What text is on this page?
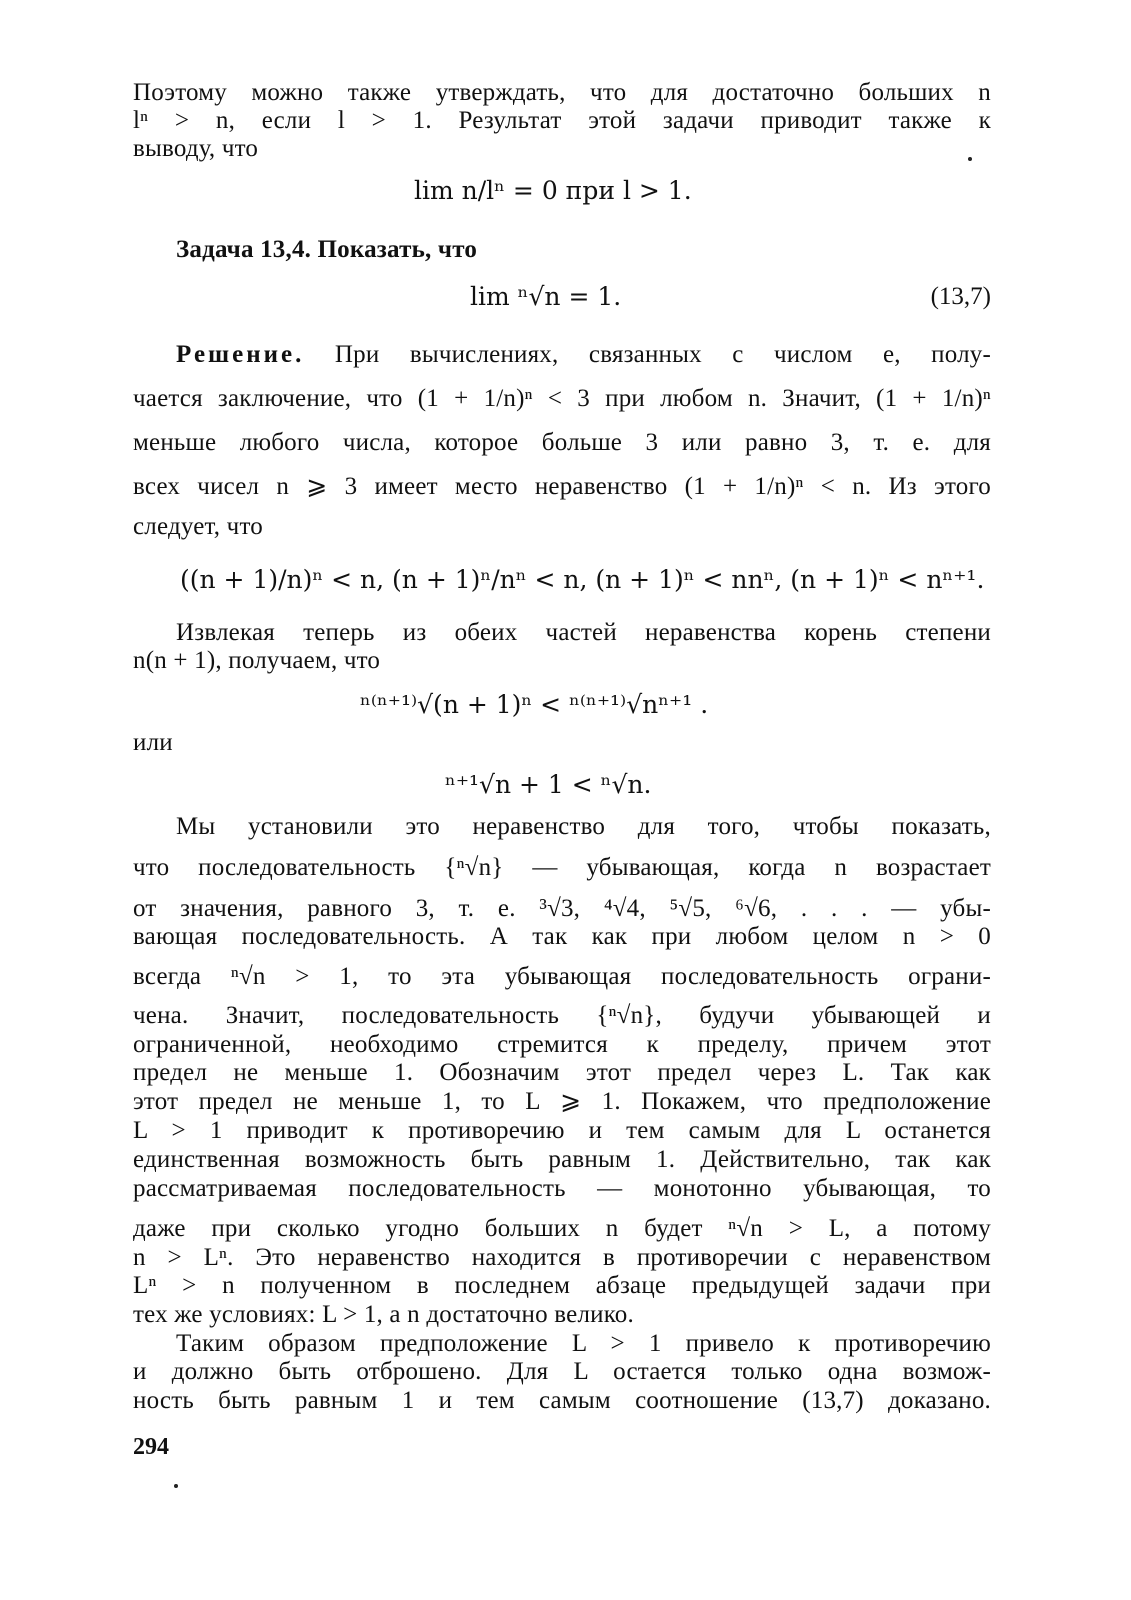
Поэтому можно также утверждать, что для достаточно больших n
lⁿ > n, если l > 1. Результат этой задачи приводит также к
выводу, что
lim n/lⁿ = 0 при l > 1.
Задача 13,4. Показать, что
lim ⁿ√n = 1.	(13,7)
Решение. При вычислениях, связанных с числом e, полу-
чается заключение, что (1 + 1/n)ⁿ < 3 при любом n. Значит, (1 + 1/n)ⁿ
меньше любого числа, которое больше 3 или равно 3, т. е. для
всех чисел n ⩾ 3 имеет место неравенство (1 + 1/n)ⁿ < n. Из этого
следует, что
((n + 1)/n)ⁿ < n, (n + 1)ⁿ/nⁿ < n, (n + 1)ⁿ < nnⁿ, (n + 1)ⁿ < nⁿ⁺¹.
Извлекая теперь из обеих частей неравенства корень степени
n(n + 1), получаем, что
ⁿ⁽ⁿ⁺¹⁾√(n + 1)ⁿ < ⁿ⁽ⁿ⁺¹⁾√nⁿ⁺¹ .
или
ⁿ⁺¹√n + 1 < ⁿ√n.
Мы установили это неравенство для того, чтобы показать,
что последовательность {ⁿ√n} — убывающая, когда n возрастает
от значения, равного 3, т. е. ³√3, ⁴√4, ⁵√5, ⁶√6, . . . — убы-
вающая последовательность. А так как при любом целом n > 0
всегда ⁿ√n > 1, то эта убывающая последовательность ограни-
чена. Значит, последовательность {ⁿ√n}, будучи убывающей и
ограниченной, необходимо стремится к пределу, причем этот
предел не меньше 1. Обозначим этот предел через L. Так как
этот предел не меньше 1, то L ⩾ 1. Покажем, что предположение
L > 1 приводит к противоречию и тем самым для L останется
единственная возможность быть равным 1. Действительно, так как
рассматриваемая последовательность — монотонно убывающая, то
даже при сколько угодно больших n будет ⁿ√n > L, а потому
n > Lⁿ. Это неравенство находится в противоречии с неравенством
Lⁿ > n полученном в последнем абзаце предыдущей задачи при
тех же условиях: L > 1, а n достаточно велико.
Таким образом предположение L > 1 привело к противоречию
и должно быть отброшено. Для L остается только одна возмож-
ность быть равным 1 и тем самым соотношение (13,7) доказано.
294
